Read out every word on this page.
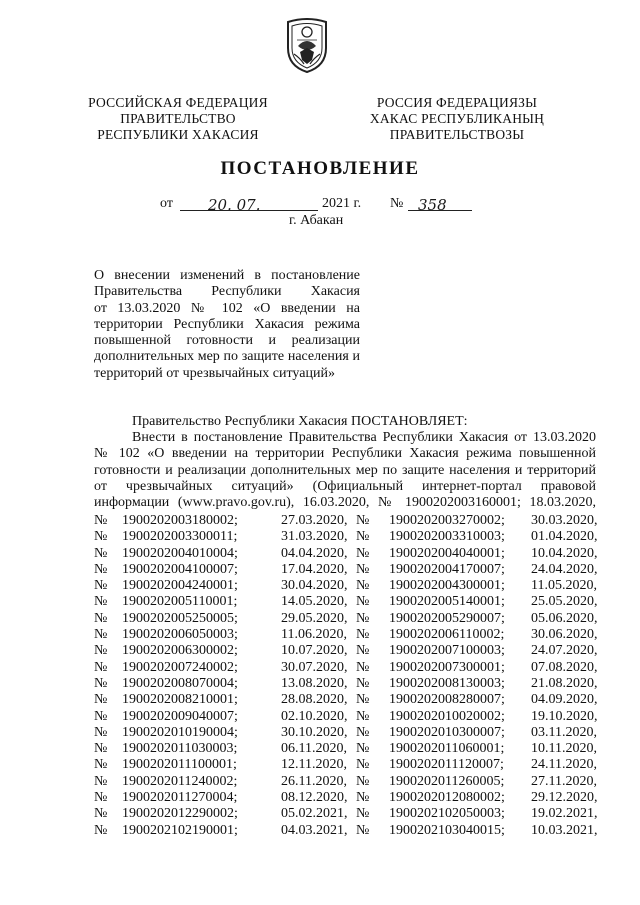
РОССИЙСКАЯ ФЕДЕРАЦИЯ
ПРАВИТЕЛЬСТВО
РЕСПУБЛИКИ ХАКАСИЯ
РОССИЯ ФЕДЕРАЦИЯЗЫ
ХАКАС РЕСПУБЛИКАНЫҢ
ПРАВИТЕЛЬСТВОЗЫ
ПОСТАНОВЛЕНИЕ
от 20. 07.	2021 г. № 358
г. Абакан
О внесении изменений в постановление
Правительства Республики Хакасия
от 13.03.2020 № 102 «О введении на
территории Республики Хакасия режима
повышенной готовности и реализации
дополнительных мер по защите населения и
территорий от чрезвычайных ситуаций»
Правительство Республики Хакасия ПОСТАНОВЛЯЕТ:
Внести в постановление Правительства Республики Хакасия от 13.03.2020
№ 102 «О введении на территории Республики Хакасия режима повышенной
готовности и реализации дополнительных мер по защите населения и территорий
от чрезвычайных ситуаций» (Официальный интернет-портал правовой
информации (www.pravo.gov.ru), 16.03.2020, № 1900202003160001; 18.03.2020,
№ 1900202003180002;	27.03.2020, № 1900202003270002; 30.03.2020,
№ 1900202003300011;	31.03.2020, № 1900202003310003; 01.04.2020,
№ 1900202004010004;	04.04.2020, № 1900202004040001; 10.04.2020,
№ 1900202004100007;	17.04.2020, № 1900202004170007; 24.04.2020,
№ 1900202004240001;	30.04.2020, № 1900202004300001; 11.05.2020,
№ 1900202005110001;	14.05.2020, № 1900202005140001; 25.05.2020,
№ 1900202005250005;	29.05.2020, № 1900202005290007; 05.06.2020,
№ 1900202006050003;	11.06.2020, № 1900202006110002; 30.06.2020,
№ 1900202006300002;	10.07.2020, № 1900202007100003; 24.07.2020,
№ 1900202007240002;	30.07.2020, № 1900202007300001; 07.08.2020,
№ 1900202008070004;	13.08.2020, № 1900202008130003; 21.08.2020,
№ 1900202008210001;	28.08.2020, № 1900202008280007; 04.09.2020,
№ 1900202009040007;	02.10.2020, № 1900202010020002; 19.10.2020,
№ 1900202010190004;	30.10.2020, № 1900202010300007; 03.11.2020,
№ 1900202011030003;	06.11.2020, № 1900202011060001; 10.11.2020,
№ 1900202011100001;	12.11.2020, № 1900202011120007; 24.11.2020,
№ 1900202011240002;	26.11.2020, № 1900202011260005; 27.11.2020,
№ 1900202011270004;	08.12.2020, № 1900202012080002; 29.12.2020,
№ 1900202012290002;	05.02.2021, № 1900202102050003; 19.02.2021,
№ 1900202102190001;	04.03.2021, № 1900202103040015; 10.03.2021,
